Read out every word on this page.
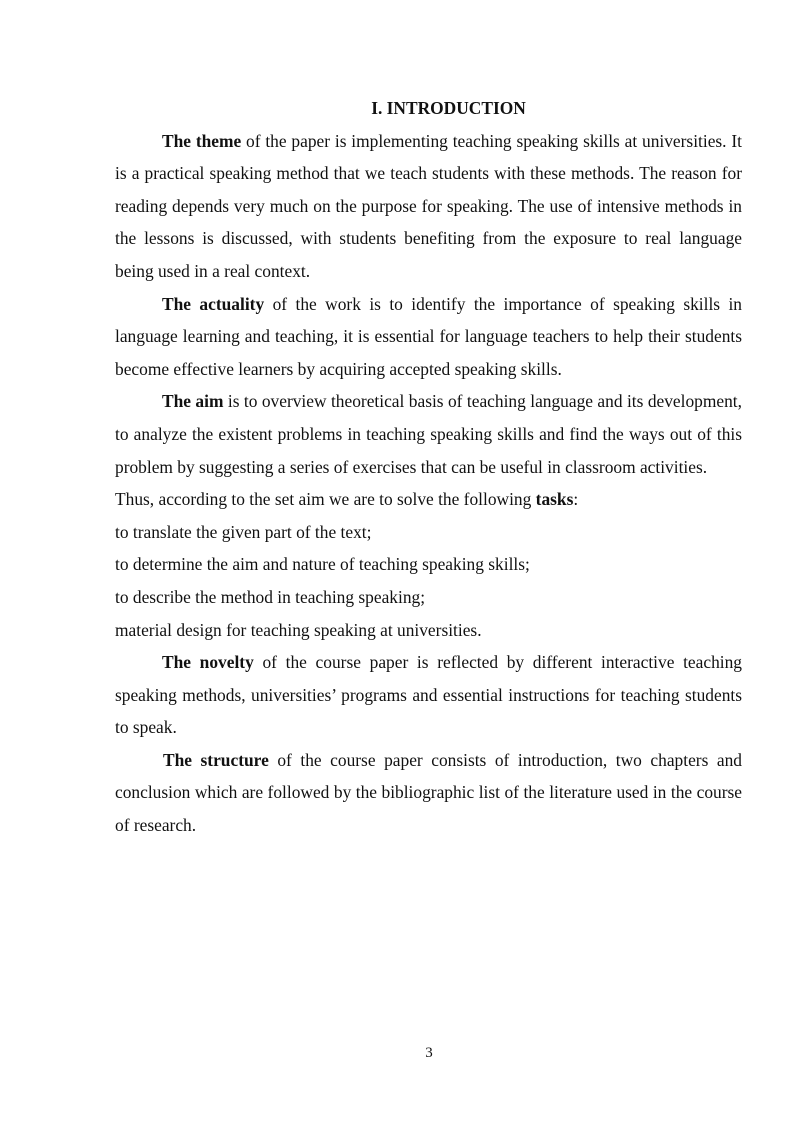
I. INTRODUCTION

The theme of the paper is implementing teaching speaking skills at universities. It is a practical speaking method that we teach students with these methods. The reason for reading depends very much on the purpose for speaking. The use of intensive methods in the lessons is discussed, with students benefiting from the exposure to real language being used in a real context.

The actuality of the work is to identify the importance of speaking skills in language learning and teaching, it is essential for language teachers to help their students become effective learners by acquiring accepted speaking skills.

The aim is to overview theoretical basis of teaching language and its development, to analyze the existent problems in teaching speaking skills and find the ways out of this problem by suggesting a series of exercises that can be useful in classroom activities.

Thus, according to the set aim we are to solve the following tasks:

to translate the given part of the text;

to determine the aim and nature of teaching speaking skills;

to describe the method in teaching speaking;

material design for teaching speaking at universities.

The novelty of the course paper is reflected by different interactive teaching speaking methods, universities’ programs and essential instructions for teaching students to speak.

The structure of the course paper consists of introduction, two chapters and conclusion which are followed by the bibliographic list of the literature used in the course of research.

3
